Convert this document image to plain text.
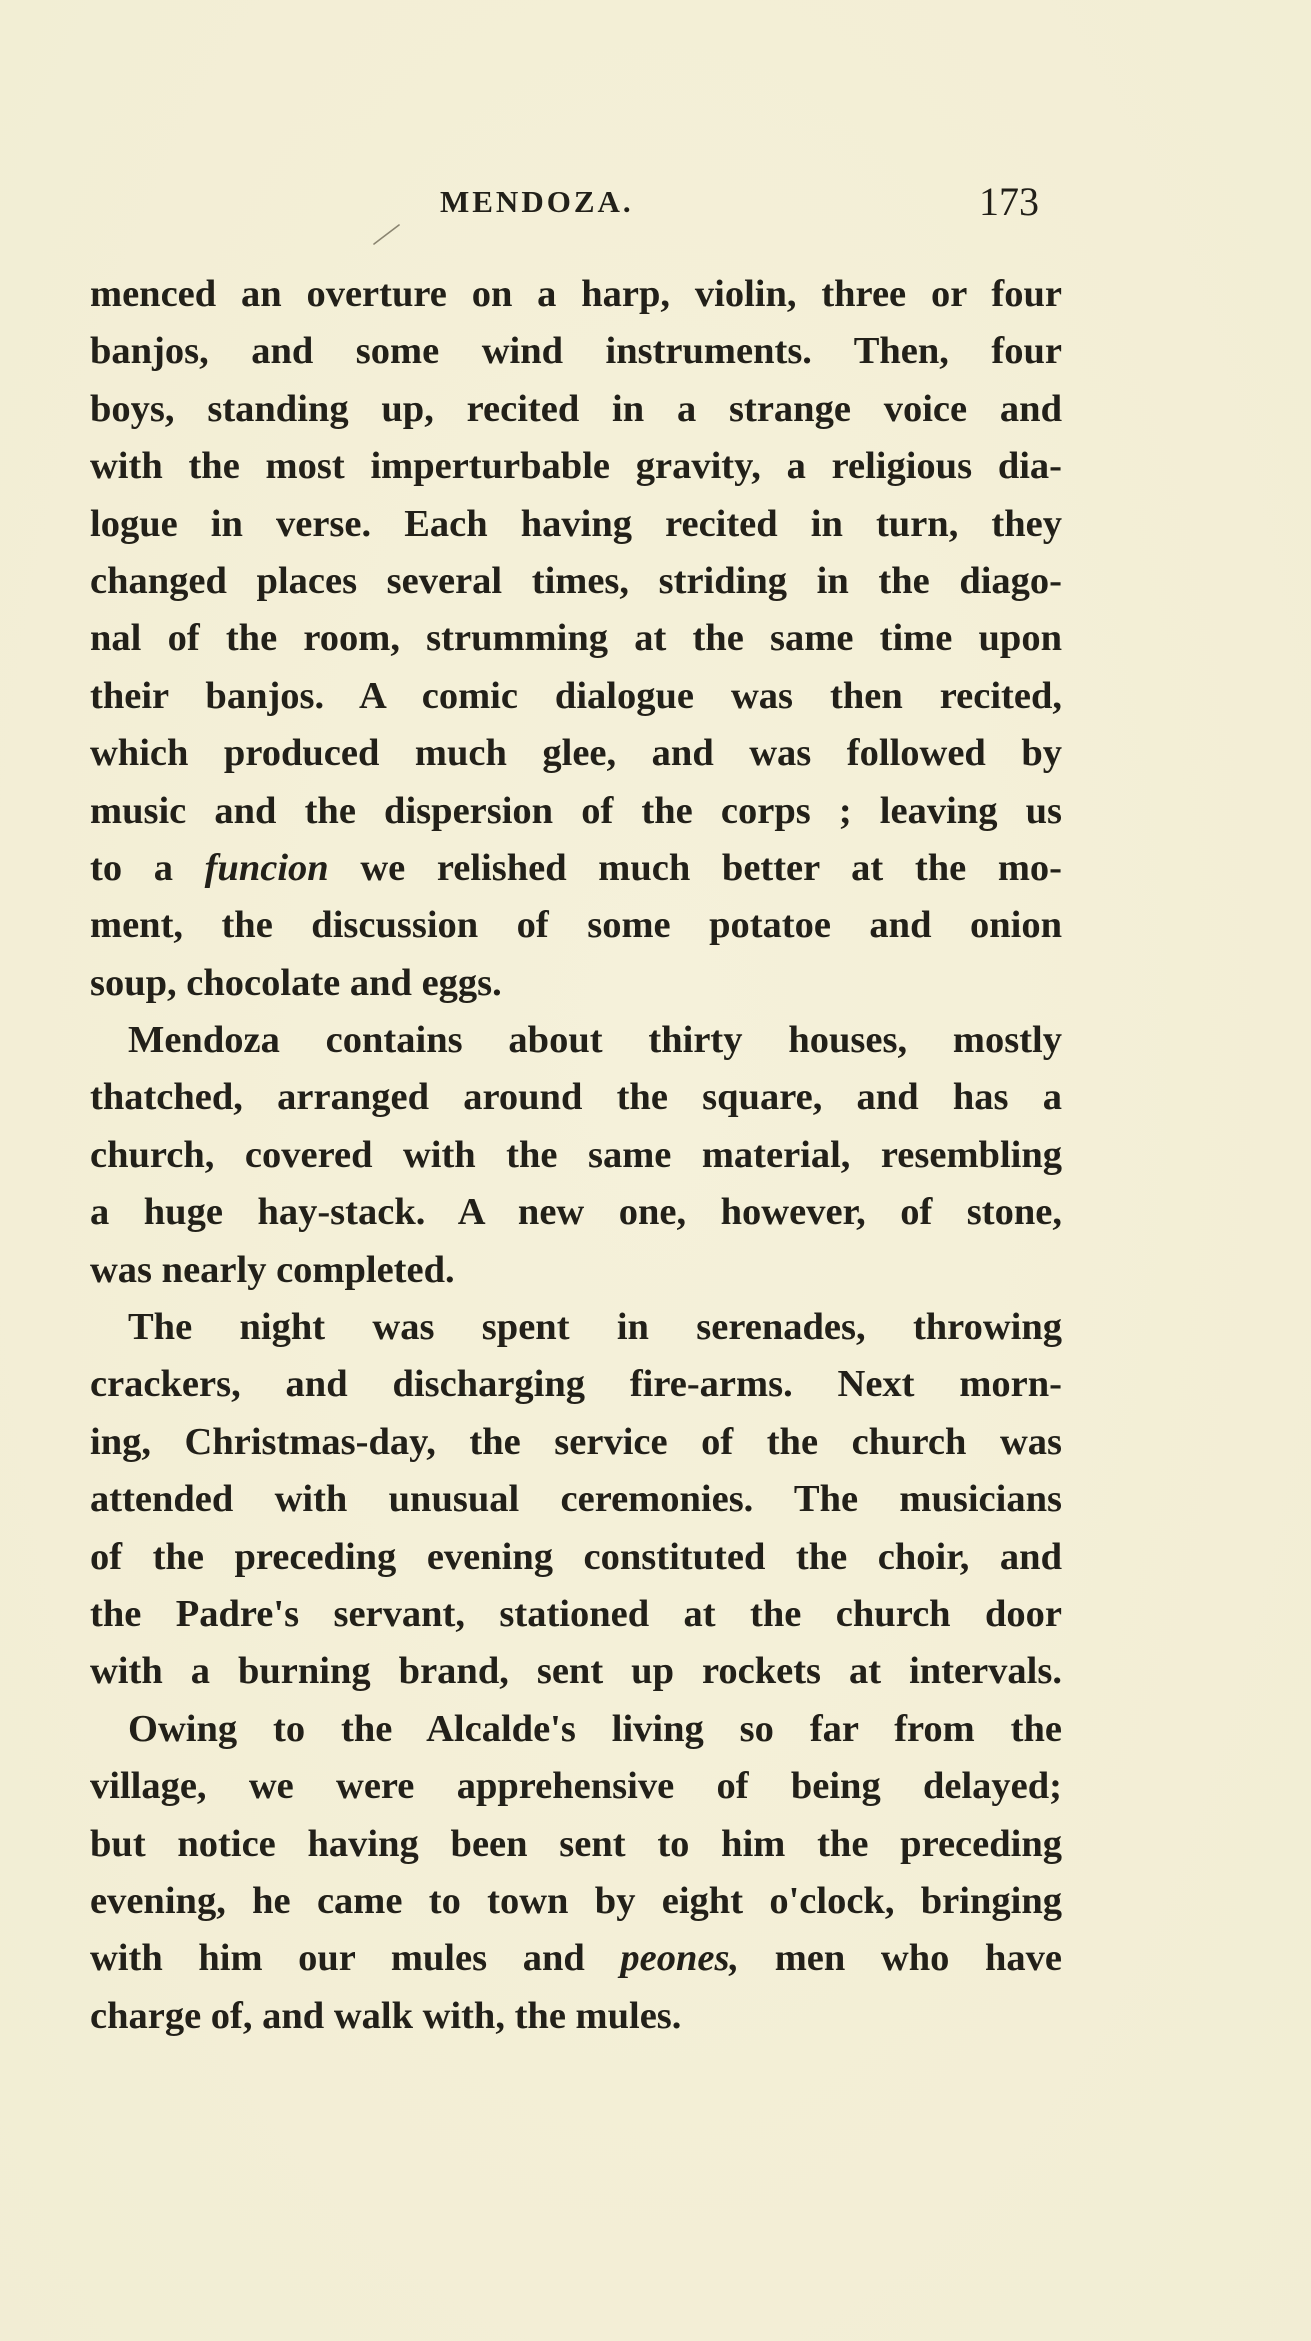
MENDOZA.	173
menced an overture on a harp, violin, three or four
banjos, and some wind instruments. Then, four
boys, standing up, recited in a strange voice and
with the most imperturbable gravity, a religious dia-
logue in verse. Each having recited in turn, they
changed places several times, striding in the diago-
nal of the room, strumming at the same time upon
their banjos. A comic dialogue was then recited,
which produced much glee, and was followed by
music and the dispersion of the corps ; leaving us
to a funcion we relished much better at the mo-
ment, the discussion of some potatoe and onion
soup, chocolate and eggs.
Mendoza contains about thirty houses, mostly
thatched, arranged around the square, and has a
church, covered with the same material, resembling
a huge hay-stack. A new one, however, of stone,
was nearly completed.
The night was spent in serenades, throwing
crackers, and discharging fire-arms. Next morn-
ing, Christmas-day, the service of the church was
attended with unusual ceremonies. The musicians
of the preceding evening constituted the choir, and
the Padre's servant, stationed at the church door
with a burning brand, sent up rockets at intervals.
Owing to the Alcalde's living so far from the
village, we were apprehensive of being delayed;
but notice having been sent to him the preceding
evening, he came to town by eight o'clock, bringing
with him our mules and peones, men who have
charge of, and walk with, the mules.
